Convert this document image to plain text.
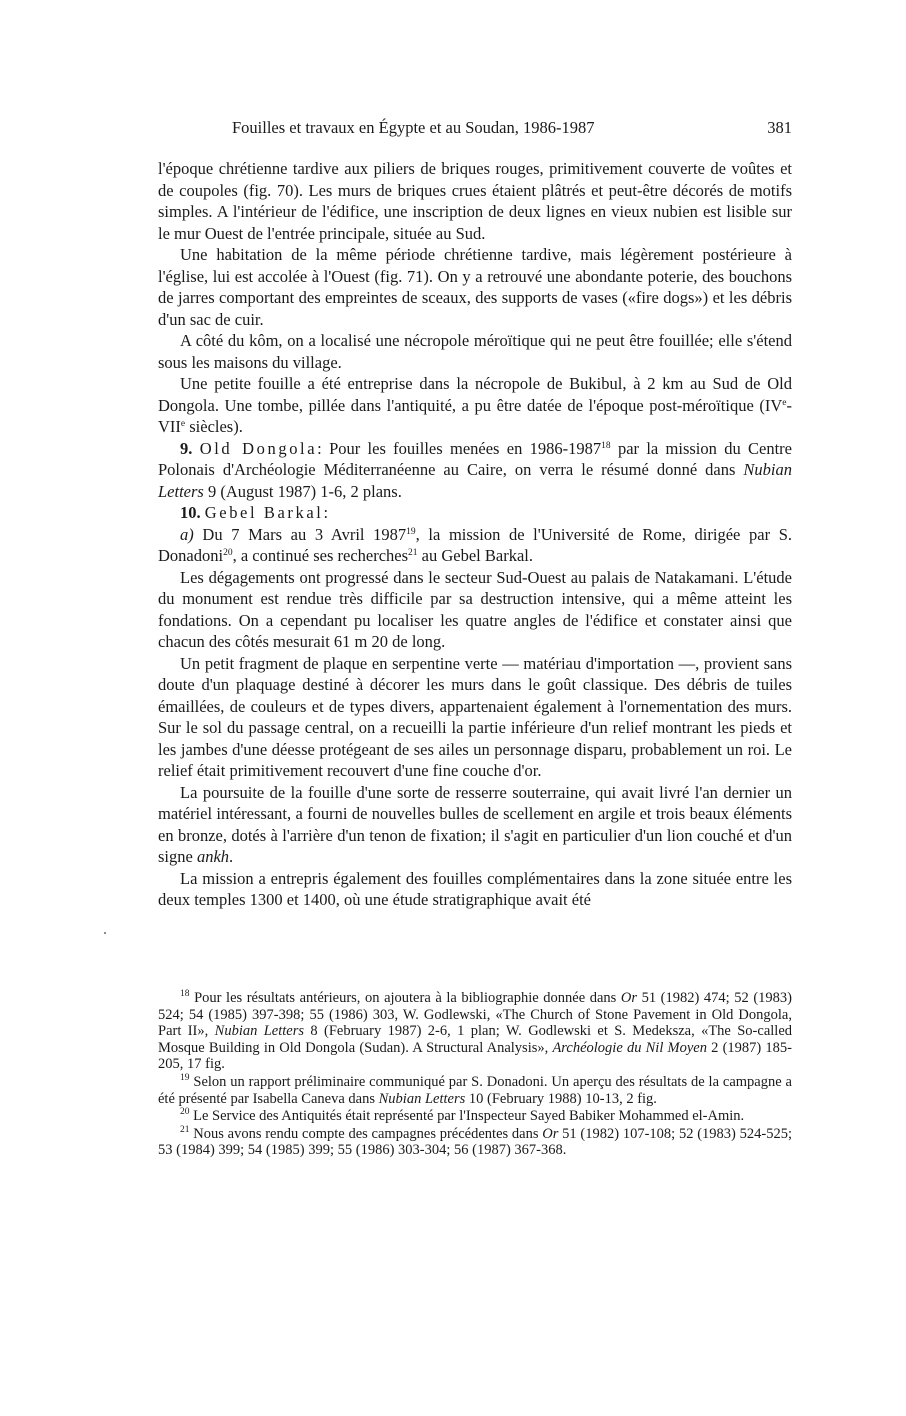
Fouilles et travaux en Égypte et au Soudan, 1986-1987	381

l'époque chrétienne tardive aux piliers de briques rouges, primitivement couverte de voûtes et de coupoles (fig. 70). Les murs de briques crues étaient plâtrés et peut-être décorés de motifs simples. A l'intérieur de l'édifice, une inscription de deux lignes en vieux nubien est lisible sur le mur Ouest de l'entrée principale, située au Sud.

Une habitation de la même période chrétienne tardive, mais légèrement postérieure à l'église, lui est accolée à l'Ouest (fig. 71). On y a retrouvé une abondante poterie, des bouchons de jarres comportant des empreintes de sceaux, des supports de vases («fire dogs») et les débris d'un sac de cuir.

A côté du kôm, on a localisé une nécropole méroïtique qui ne peut être fouillée; elle s'étend sous les maisons du village.

Une petite fouille a été entreprise dans la nécropole de Bukibul, à 2 km au Sud de Old Dongola. Une tombe, pillée dans l'antiquité, a pu être datée de l'époque post-méroïtique (IVe-VIIe siècles).

9. Old Dongola: Pour les fouilles menées en 1986-1987$^{18}$ par la mission du Centre Polonais d'Archéologie Méditerranéenne au Caire, on verra le résumé donné dans Nubian Letters 9 (August 1987) 1-6, 2 plans.

10. Gebel Barkal:

a) Du 7 Mars au 3 Avril 1987$^{19}$, la mission de l'Université de Rome, dirigée par S. Donadoni$^{20}$, a continué ses recherches$^{21}$ au Gebel Barkal.

Les dégagements ont progressé dans le secteur Sud-Ouest au palais de Natakamani. L'étude du monument est rendue très difficile par sa destruction intensive, qui a même atteint les fondations. On a cependant pu localiser les quatre angles de l'édifice et constater ainsi que chacun des côtés mesurait 61 m 20 de long.

Un petit fragment de plaque en serpentine verte — matériau d'importation —, provient sans doute d'un plaquage destiné à décorer les murs dans le goût classique. Des débris de tuiles émaillées, de couleurs et de types divers, appartenaient également à l'ornementation des murs. Sur le sol du passage central, on a recueilli la partie inférieure d'un relief montrant les pieds et les jambes d'une déesse protégeant de ses ailes un personnage disparu, probablement un roi. Le relief était primitivement recouvert d'une fine couche d'or.

La poursuite de la fouille d'une sorte de resserre souterraine, qui avait livré l'an dernier un matériel intéressant, a fourni de nouvelles bulles de scellement en argile et trois beaux éléments en bronze, dotés à l'arrière d'un tenon de fixation; il s'agit en particulier d'un lion couché et d'un signe ankh.

La mission a entrepris également des fouilles complémentaires dans la zone située entre les deux temples 1300 et 1400, où une étude stratigraphique avait été

$^{18}$ Pour les résultats antérieurs, on ajoutera à la bibliographie donnée dans Or 51 (1982) 474; 52 (1983) 524; 54 (1985) 397-398; 55 (1986) 303, W. Godlewski, «The Church of Stone Pavement in Old Dongola, Part II», Nubian Letters 8 (February 1987) 2-6, 1 plan; W. Godlewski et S. Medeksza, «The So-called Mosque Building in Old Dongola (Sudan). A Structural Analysis», Archéologie du Nil Moyen 2 (1987) 185-205, 17 fig.

$^{19}$ Selon un rapport préliminaire communiqué par S. Donadoni. Un aperçu des résultats de la campagne a été présenté par Isabella Caneva dans Nubian Letters 10 (February 1988) 10-13, 2 fig.

$^{20}$ Le Service des Antiquités était représenté par l'Inspecteur Sayed Babiker Mohammed el-Amin.

$^{21}$ Nous avons rendu compte des campagnes précédentes dans Or 51 (1982) 107-108; 52 (1983) 524-525; 53 (1984) 399; 54 (1985) 399; 55 (1986) 303-304; 56 (1987) 367-368.
